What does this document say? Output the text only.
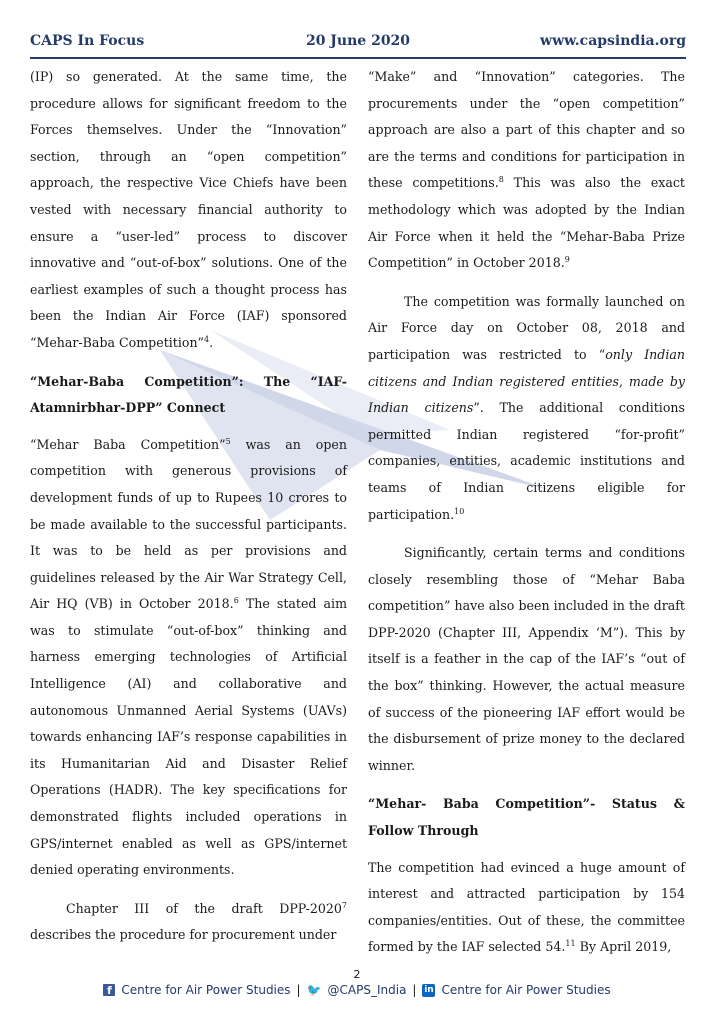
CAPS In Focus	20 June 2020	www.capsindia.org

(IP) so generated. At the same time, the procedure allows for significant freedom to the Forces themselves. Under the “Innovation” section, through an “open competition” approach, the respective Vice Chiefs have been vested with necessary financial authority to ensure a “user-led” process to discover innovative and “out-of-box” solutions. One of the earliest examples of such a thought process has been the Indian Air Force (IAF) sponsored “Mehar-Baba Competition”$^4$.

“Mehar-Baba Competition”: The “IAF-Atamnirbhar-DPP” Connect

“Mehar Baba Competition”$^5$ was an open competition with generous provisions of development funds of up to Rupees 10 crores to be made available to the successful participants. It was to be held as per provisions and guidelines released by the Air War Strategy Cell, Air HQ (VB) in October 2018.$^6$ The stated aim was to stimulate “out-of-box” thinking and harness emerging technologies of Artificial Intelligence (AI) and collaborative and autonomous Unmanned Aerial Systems (UAVs) towards enhancing IAF’s response capabilities in its Humanitarian Aid and Disaster Relief Operations (HADR). The key specifications for demonstrated flights included operations in GPS/internet enabled as well as GPS/internet denied operating environments.

Chapter III of the draft DPP-2020$^7$ describes the procedure for procurement under

“Make” and “Innovation” categories. The procurements under the “open competition” approach are also a part of this chapter and so are the terms and conditions for participation in these competitions.$^8$ This was also the exact methodology which was adopted by the Indian Air Force when it held the “Mehar-Baba Prize Competition” in October 2018.$^9$

The competition was formally launched on Air Force day on October 08, 2018 and participation was restricted to “only Indian citizens and Indian registered entities, made by Indian citizens”. The additional conditions permitted Indian registered “for-profit” companies, entities, academic institutions and teams of Indian citizens eligible for participation.$^{10}$

Significantly, certain terms and conditions closely resembling those of “Mehar Baba competition” have also been included in the draft DPP-2020 (Chapter III, Appendix ‘M”). This by itself is a feather in the cap of the IAF’s “out of the box” thinking. However, the actual measure of success of the pioneering IAF effort would be the disbursement of prize money to the declared winner.

“Mehar- Baba Competition”- Status & Follow Through

The competition had evinced a huge amount of interest and attracted participation by 154 companies/entities. Out of these, the committee formed by the IAF selected 54.11 By April 2019,

2
f Centre for Air Power Studies | 🐦 @CAPS_India | in Centre for Air Power Studies
